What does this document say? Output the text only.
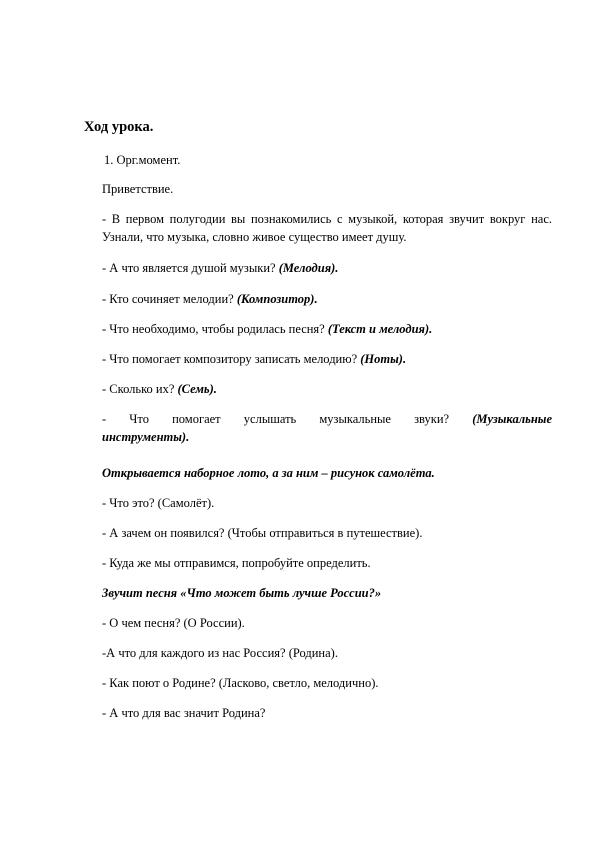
Ход урока.
1. Орг.момент.
Приветствие.
- В первом полугодии вы познакомились с музыкой, которая звучит вокруг нас. Узнали, что музыка, словно живое существо имеет душу.
- А что является душой музыки? (Мелодия).
- Кто сочиняет мелодии? (Композитор).
- Что необходимо, чтобы родилась песня? (Текст и мелодия).
- Что помогает композитору записать мелодию? (Ноты).
- Сколько их? (Семь).
- Что помогает услышать музыкальные звуки? (Музыкальные
инструменты).
Открывается наборное лото, а за ним – рисунок самолёта.
- Что это? (Самолёт).
- А зачем он появился? (Чтобы отправиться в путешествие).
- Куда же мы отправимся, попробуйте определить.
Звучит песня «Что может быть лучше России?»
- О чем песня? (О России).
-А что для каждого из нас Россия? (Родина).
- Как поют о Родине? (Ласково, светло, мелодично).
- А что для вас значит Родина?
